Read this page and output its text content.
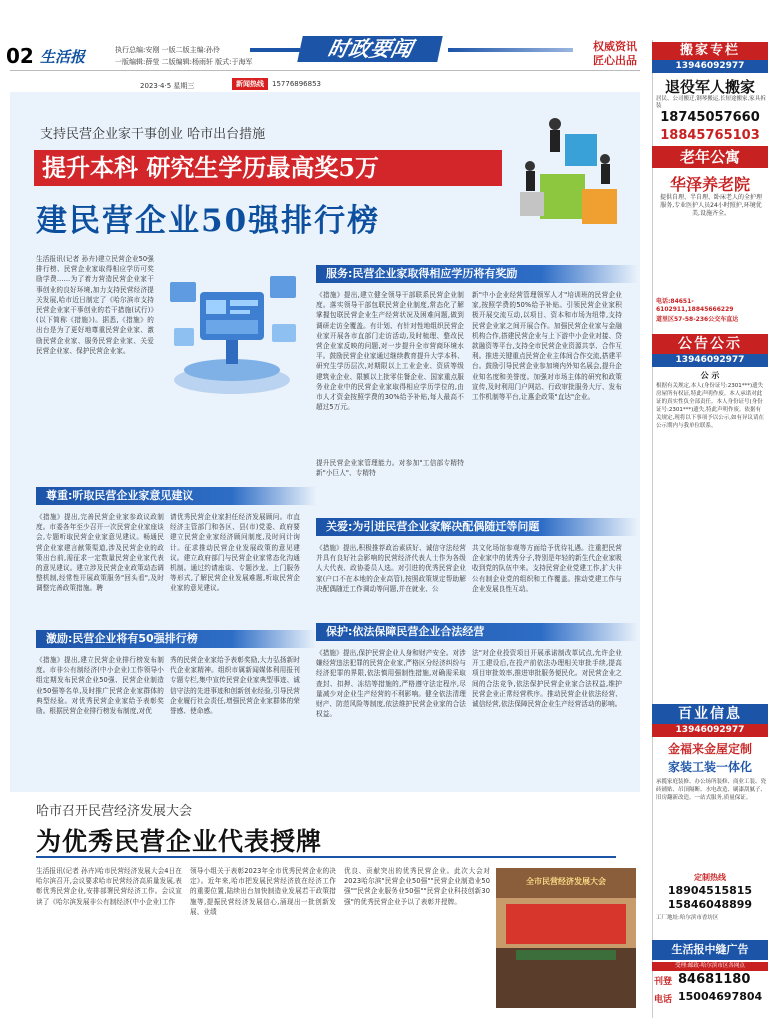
02 生活报	执行总编:安刚 一版二版主编:孙伶
一版编辑:薛莹 二版编辑:杨雨轩 版式:于海军
时政要闻	权威资讯
匠心出品
2023·4·5 星期三	新闻热线	15776896853
支持民营企业家干事创业 哈市出台措施
提升本科 研究生学历最高奖5万
建民营企业50强排行榜
生活报讯(记者 孙卉)建立民营企业50强排行榜、民营企业家取得相应学历可奖励学费……为了着力营造民营企业家干事创业的良好环境,加力支持民营经济提关发展,哈市近日制定了《哈尔滨市支持民营企业家干事创业的若干措施(试行)》(以下简称《措施》)。据悉,《措施》的出台是为了更好地尊重民营企业家、激励民营企业家、服务民营企业家、关爱民营企业家、保护民营企业家。
服务:民营企业家取得相应学历将有奖励
《措施》提出,建立健全领导干部联系民营企业制度。落实领导干部包联民营企业制度,常态化了解掌握包联民营企业生产经营状况及困难问题,做到调研走访全覆盖。有计划、有针对性地组织民营企业家开展各市直部门走访活动,及时梳理、整改民营企业家反映的问题,对一步提升全市营商环境水平。鼓励民营企业家通过继续教育提升大学本科、研究生学历层次,对期限以上工业企业、资质等级建筑业企业、限额以上批零住餐企业、国家重点服务业企业中的民营企业家取得相应学历学位的,由市人才资金按照学费的30%给予补贴,每人最高不超过5万元。
提升民营企业家管理能力。对参加"工信部专精特新"小巨人"、专精特
新"中小企业经营管理领军人才"培训班的民营企业家,按照学费的50%给予补贴。引领民营企业家积极开展交流互动,以项目、资本和市场为纽带,支持民营企业家之间开展合作。加强民营企业家与金融机构合作,搭建民营企业与上下游中小企业对接、贷款融资等平台,支持全市民营企业资源共享、合作互利。推进关键重点民营企业主体间合作交流,搭建平台。鼓励引导民营企业参加境内外知名展会,提升企业知名度和美誉度。加强对市场主体的研究和政策宣传,及时利用门户网站、行政审批服务大厅、发布工作机制等平台,让惠企政策"直达"企业。
尊重:听取民营企业家意见建议
《措施》提出,完善民营企业家参政议政制度。市委各年至少召开一次民营企业家座谈会,专题听取民营企业家意见建议。畅通民营企业家建言献策渠道,涉及民营企业的政策出台前,需征求一定数量民营企业家代表的意见建议。建立涉及民营企业政策动态调整机制,经常性开展政策服务"回头看",及时调整完善政策措施。聘
请优秀民营企业家担任经济发展顾问。市直经济主管部门和各区、县(市)党委、政府要建立民营企业家经济顾问制度,及时问计询计。征求推动民营企业发展政策的意见建议。建立政府部门与民营企业家常态化沟通机制。通过约请座谈、专题沙龙、上门服务等形式,了解民营企业发展难题,听取民营企业家的意见建议。
关爱:为引进民营企业家解决配偶随迁等问题
《措施》提出,积极推荐政治素质好、诚信守法经营并具有良好社会影响的民营经济代表人士作为各级人大代表、政协委员人选。对引进的优秀民营企业家(户口不在本地的企业高管),按照政策规定帮助解决配偶随迁工作调动等问题,并在就业、公
共文化场馆参观等方面给予优待礼遇。注重把民营企业家中的优秀分子,特别是年轻的新生代企业家吸收到党的队伍中来。支持民营企业党建工作,扩大非公有制企业党的组织和工作覆盖。推动党建工作与企业发展良性互动。
激励:民营企业将有50强排行榜
《措施》提出,建立民营企业排行榜发布制度。市非公有制经济(中小企业)工作领导小组定期发布民营企业50强、民营企业制造业50强等名单,及时推广民营企业家群体的典型经验。对优秀民营企业家给予表彰奖励。根据民营企业排行榜发布制度,对优
秀的民营企业家给予表彰奖励,大力弘扬新时代企业家精神。组织市属新闻媒体利用报刊专题专栏,集中宣传民营企业家典型事迹、诚信守法的先进事迹和创新创业经验,引导民营企业履行社会责任,增强民营企业家群体的荣誉感、使命感。
保护:依法保障民营企业合法经营
《措施》提出,保护民营企业人身和财产安全。对涉嫌经营违法犯罪的民营企业家,严格区分经济纠纷与经济犯罪的界限,依法慎用强制性措施,对确需采取查封、扣押、冻结等措施的,严格遵守法定程序,尽量减少对企业生产经营的不利影响。健全依法清理财产、防范风险等制度,依法维护民营企业家的合法权益。
法"对企业投资项目开展承诺制改革试点,允许企业开工建设后,在投产前依法办理相关审批手续,提高项目审批效率,推进审批服务便民化。对民营企业之间的合法竞争,依法保护民营企业家合法权益,维护民营企业正常经营秩序。推动民营企业依法经营、诚信经营,依法保障民营企业生产经营活动的影响。
哈市召开民营经济发展大会
为优秀民营企业代表授牌
生活报讯(记者 孙卉)哈市民营经济发展大会4日在哈尔滨召开,会议要求哈市民营经济高质量发展,表彰优秀民营企业,安排部署民营经济工作。会议宣读了《哈尔滨发展非公有制经济(中小企业)工作
领导小组关于表彰2023年全市优秀民营企业的决定》。近年来,哈市把发展民营经济放在经济工作的重要位置,陆续出台加快制造业发展若干政策措施等,提振民营经济发展信心,涌现出一批创新发展、业绩
优良、贡献突出的优秀民营企业。此次大会对2023哈尔滨"民营企业50强""民营企业制造业50强""民营企业服务业50强""民营企业科技创新30强"的优秀民营企业予以了表彰并授牌。
全市民营经济发展大会
搬家专栏
13946092977
退役军人搬家
居民、公司搬迁,钢琴搬运,长短途搬家,家具拆装
18745057660
18845765103
老年公寓
华泽养老院
提供自理、半自理、卧床老人的全护理服务,专业医护人员24小时照护,环境优美,设施齐全。
电话:84651-6102911,18845666229
道里区57-58-236公交车直达
公告公示
13946092977
公 示
根据有关规定,本人(身份证号:2301***)遗失房屋所有权证,特此声明作废。本人承诺对此证的真实性负全部责任。本人身份证号(身份证号:2301***)遗失,特此声明作废。依据有关规定,现将以下事项予以公示,如有异议请在公示期内与我单位联系。
百业信息
13946092977
金福来金屋定制
家装工装一体化
承揽家庭装修、办公场所装修、商业工装、瓷砖铺贴、吊顶隔断、水电改造、刷漆刮腻子、旧房翻新改造。一站式服务,质量保证。
定制热线
18904515815
15846048899
工厂地址:哈尔滨市香坊区
生活报中缝广告
受理:邮政-哈尔滨市区各网点
刊登 84681180
电话 15004697804
